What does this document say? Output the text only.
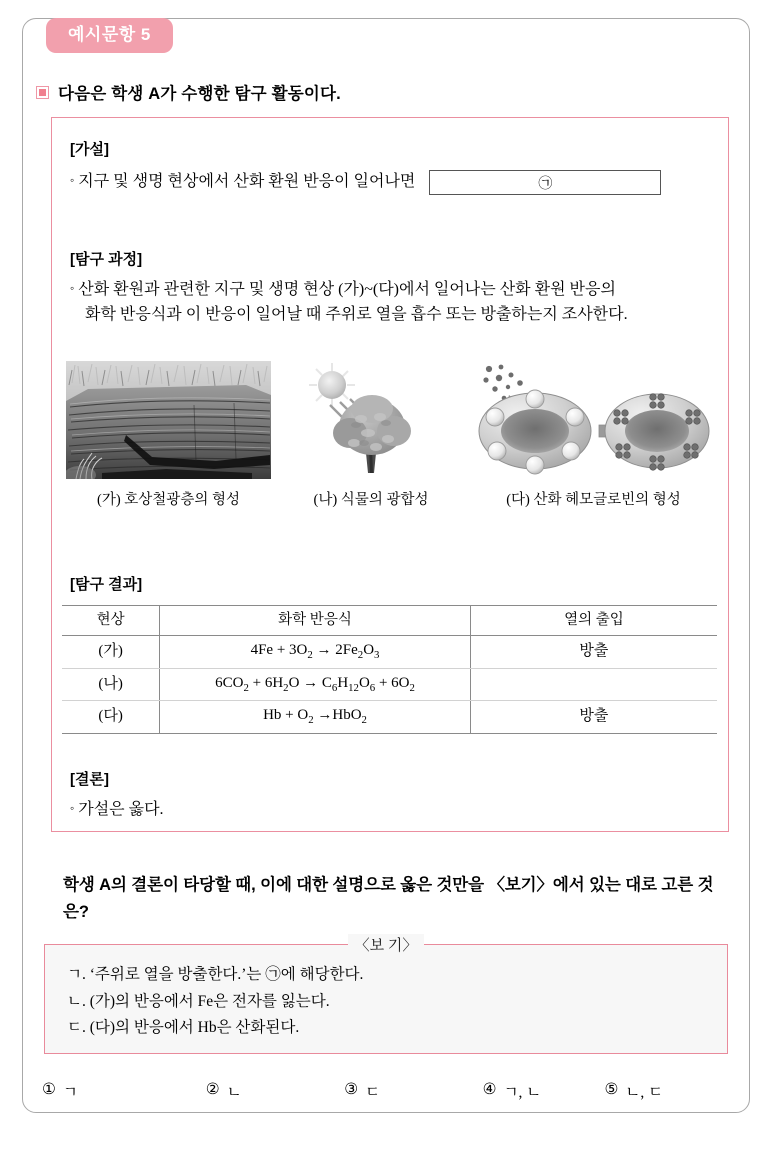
예시문항 5
다음은 학생 A가 수행한 탐구 활동이다.
[가설]
◦ 지구 및 생명 현상에서 산화 환원 반응이 일어나면	㉠
[탐구 과정]
◦ 산화 환원과 관련한 지구 및 생명 현상 (가)~(다)에서 일어나는 산화 환원 반응의
화학 반응식과 이 반응이 일어날 때 주위로 열을 흡수 또는 방출하는지 조사한다.
(가) 호상철광층의 형성	(나) 식물의 광합성	(다) 산화 헤모글로빈의 형성
[탐구 결과]
현상	화학 반응식	열의 출입
(가)	$4Fe + 3O_2 \to 2Fe_2O_3$	방출
(나)	$6CO_2 + 6H_2O \to C_6H_{12}O_6 + 6O_2$	
(다)	$Hb + O_2 \to HbO_2$	방출
[결론]
◦ 가설은 옳다.
학생 A의 결론이 타당할 때, 이에 대한 설명으로 옳은 것만을 〈보기〉에서 있는 대로 고른 것은?
〈보 기〉
ㄱ. ‘주위로 열을 방출한다.’는 ㉠에 해당한다.
ㄴ. (가)의 반응에서 Fe은 전자를 잃는다.
ㄷ. (다)의 반응에서 Hb은 산화된다.
① ㄱ	② ㄴ	③ ㄷ	④ ㄱ, ㄴ	⑤ ㄴ, ㄷ
